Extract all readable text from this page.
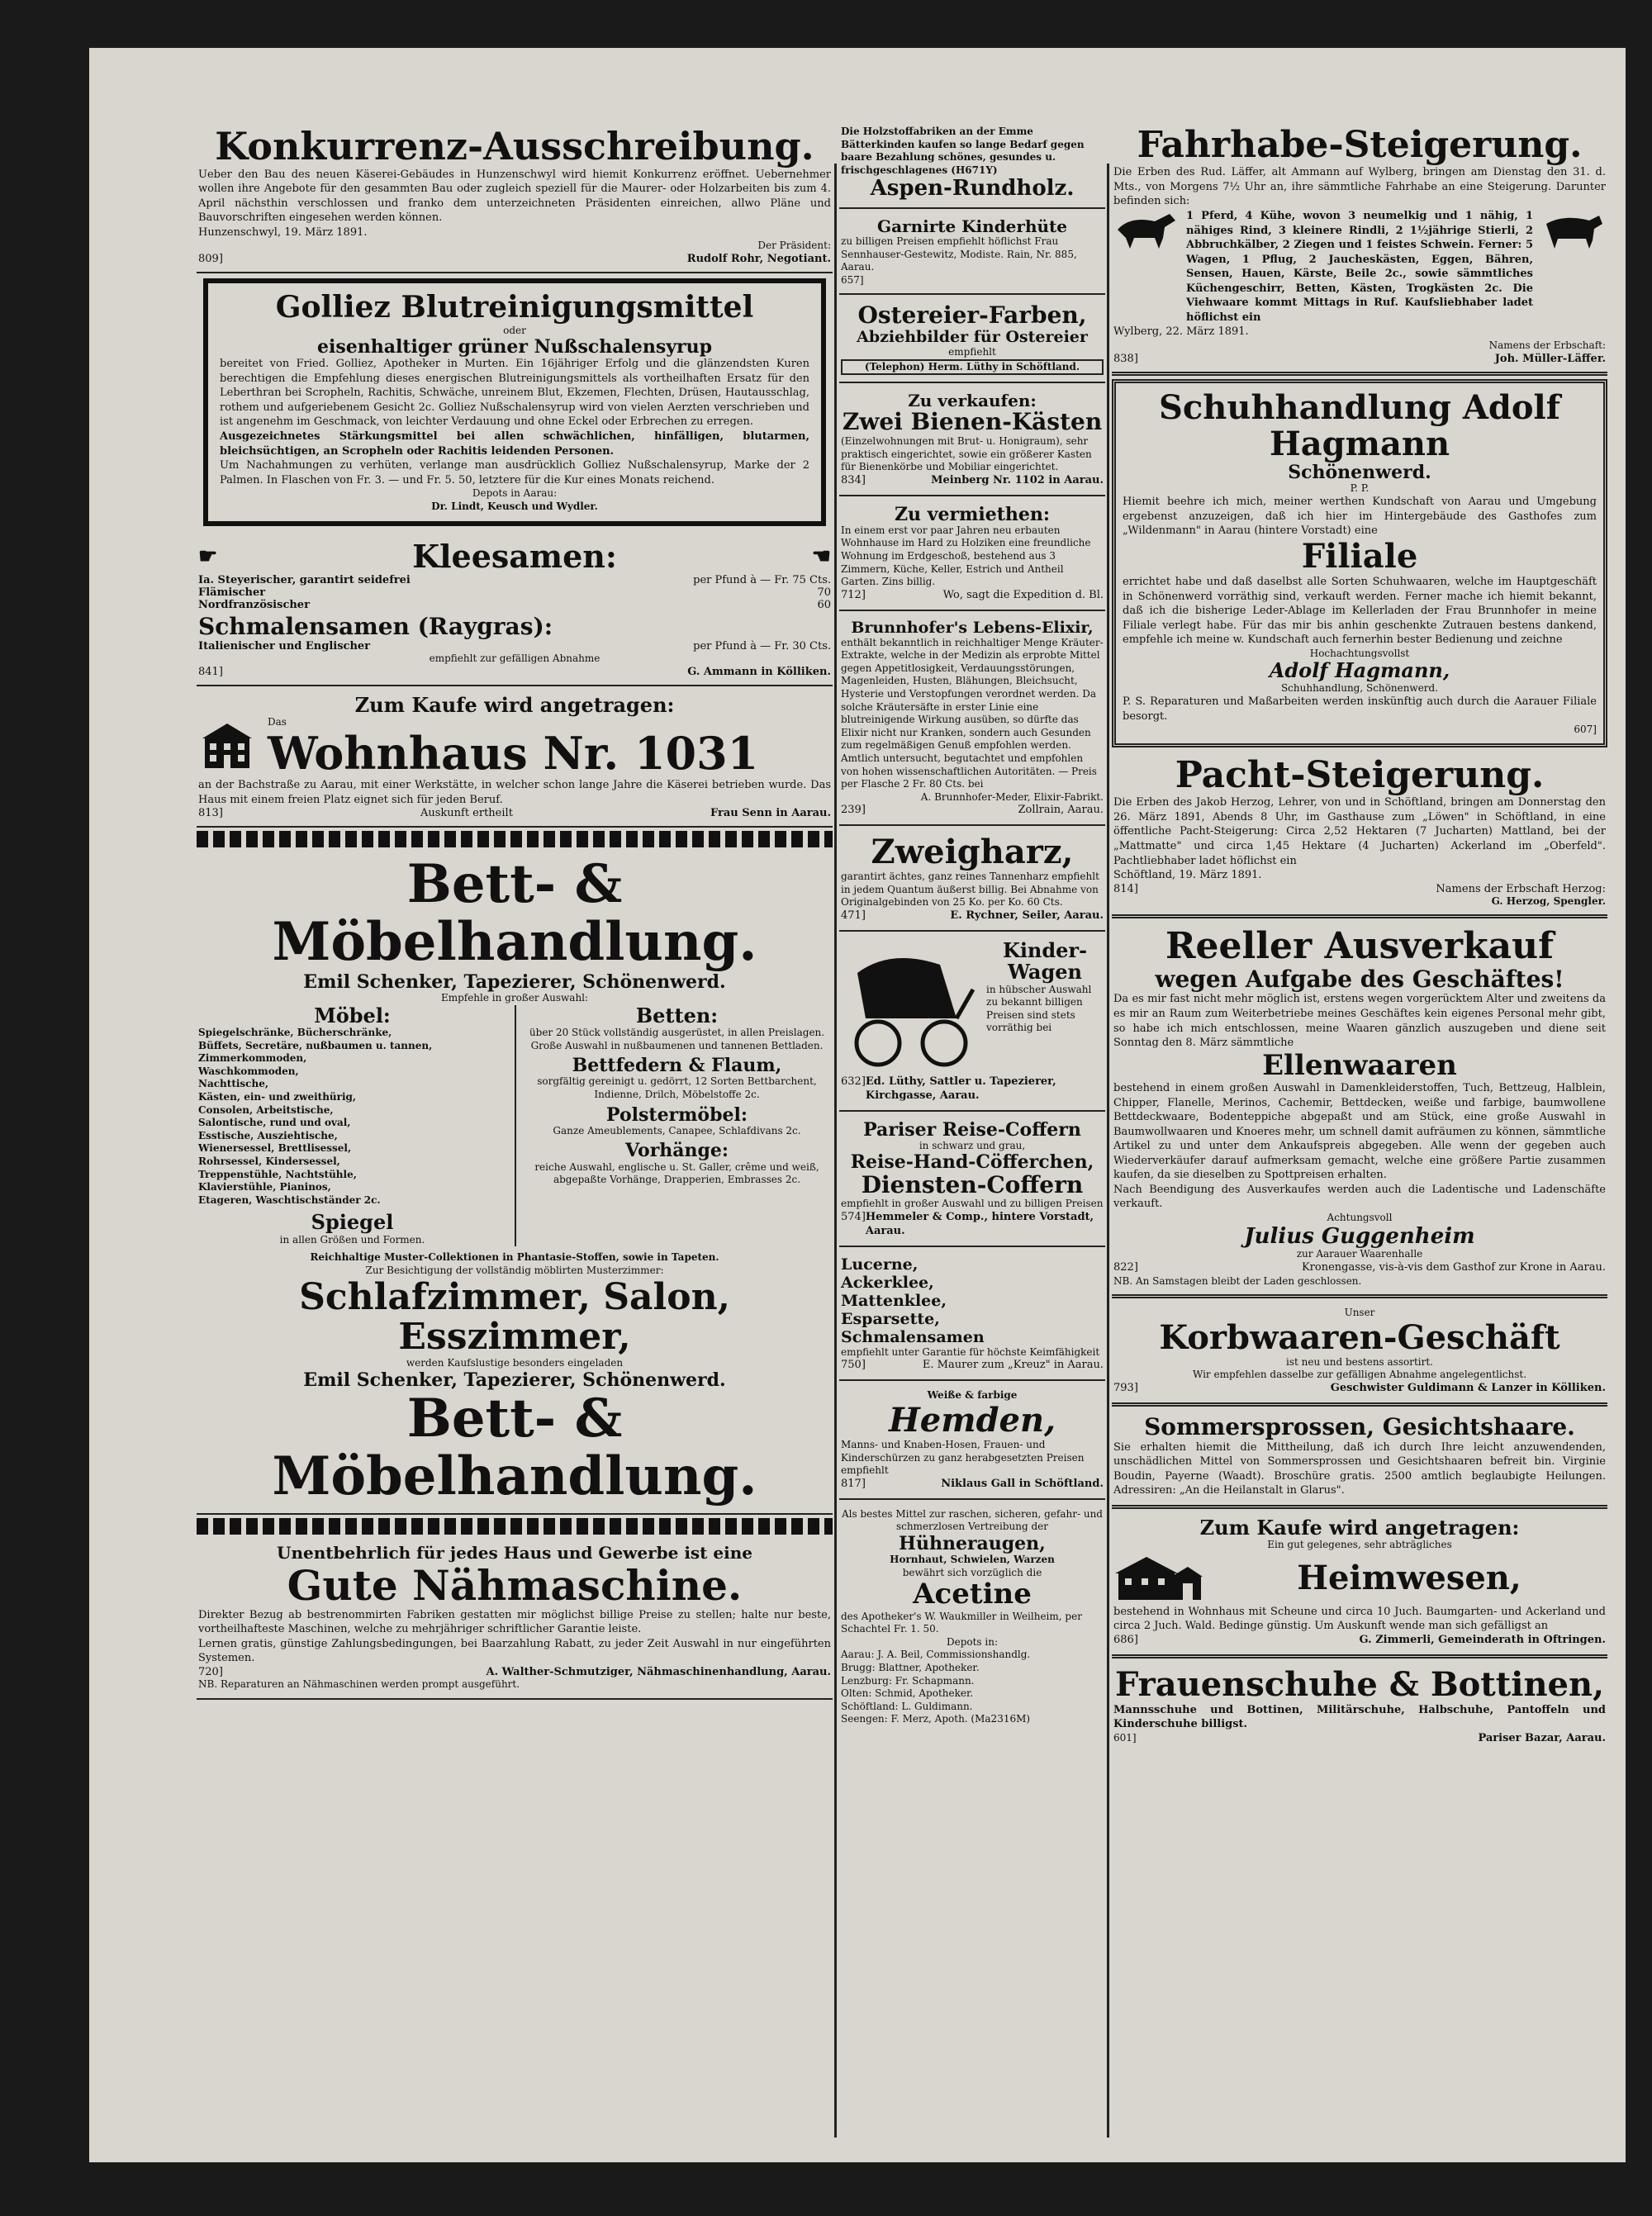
Konkurrenz-Ausschreibung.
Ueber den Bau des neuen Käserei-Gebäudes in Hunzenschwyl wird hiemit Konkurrenz eröffnet. Uebernehmer wollen ihre Angebote für den gesammten Bau oder zugleich speziell für die Maurer- oder Holzarbeiten bis zum 4. April nächsthin verschlossen und franko dem unterzeichneten Präsidenten einreichen, allwo Pläne und Bauvorschriften eingesehen werden können.
Hunzenschwyl, 19. März 1891.
Der Präsident:
809]	Rudolf Rohr, Negotiant.
Golliez Blutreinigungsmittel
oder
eisenhaltiger grüner Nußschalensyrup
bereitet von Fried. Golliez, Apotheker in Murten. Ein 16jähriger Erfolg und die glänzendsten Kuren berechtigen die Empfehlung dieses energischen Blutreinigungsmittels als vortheilhaften Ersatz für den Leberthran bei Scropheln, Rachitis, Schwäche, unreinem Blut, Ekzemen, Flechten, Drüsen, Hautausschlag, rothem und aufgeriebenem Gesicht 2c. Golliez Nußschalensyrup wird von vielen Aerzten verschrieben und ist angenehm im Geschmack, von leichter Verdauung und ohne Eckel oder Erbrechen zu erregen.
Ausgezeichnetes Stärkungsmittel bei allen schwächlichen, hinfälligen, blutarmen, bleichsüchtigen, an Scropheln oder Rachitis leidenden Personen.
Um Nachahmungen zu verhüten, verlange man ausdrücklich Golliez Nußschalensyrup, Marke der 2 Palmen. In Flaschen von Fr. 3. — und Fr. 5. 50, letztere für die Kur eines Monats reichend.
Depots in Aarau:
Dr. Lindt, Keusch und Wydler.
☛	Kleesamen:	☚
Ia. Steyerischer, garantirt seidefrei	per Pfund à — Fr. 75 Cts.
Flämischer	70
Nordfranzösischer	60
Schmalensamen (Raygras):
Italienischer und Englischer	per Pfund à — Fr. 30 Cts.
empfiehlt zur gefälligen Abnahme
841]	G. Ammann in Kölliken.
Zum Kaufe wird angetragen:
Das
Wohnhaus Nr. 1031
an der Bachstraße zu Aarau, mit einer Werkstätte, in welcher schon lange Jahre die Käserei betrieben wurde. Das Haus mit einem freien Platz eignet sich für jeden Beruf.
813]	Auskunft ertheilt	Frau Senn in Aarau.
Bett- & Möbelhandlung.
Emil Schenker, Tapezierer, Schönenwerd.
Empfehle in großer Auswahl:
Möbel:
Spiegelschränke, Bücherschränke,
Büffets, Secretäre, nußbaumen u. tannen,
Zimmerkommoden,
Waschkommoden,
Nachttische,
Kästen, ein- und zweithürig,
Consolen, Arbeitstische,
Salontische, rund und oval,
Esstische, Ausziehtische,
Wienersessel, Brettlisessel,
Rohrsessel, Kindersessel,
Treppenstühle, Nachtstühle,
Klavierstühle, Pianinos,
Etageren, Waschtischständer 2c.
Spiegel
in allen Größen und Formen.
Betten:
über 20 Stück vollständig ausgerüstet, in allen Preislagen. Große Auswahl in nußbaumenen und tannenen Bettladen.
Bettfedern & Flaum,
sorgfältig gereinigt u. gedörrt, 12 Sorten Bettbarchent, Indienne, Drilch, Möbelstoffe 2c.
Polstermöbel:
Ganze Ameublements, Canapee, Schlafdivans 2c.
Vorhänge:
reiche Auswahl, englische u. St. Galler, crême und weiß, abgepaßte Vorhänge, Drapperien, Embrasses 2c.
Reichhaltige Muster-Collektionen in Phantasie-Stoffen, sowie in Tapeten.
Zur Besichtigung der vollständig möblirten Musterzimmer:
Schlafzimmer, Salon, Esszimmer,
werden Kaufslustige besonders eingeladen
Emil Schenker, Tapezierer, Schönenwerd.
Bett- & Möbelhandlung.
Unentbehrlich für jedes Haus und Gewerbe ist eine
Gute Nähmaschine.
Direkter Bezug ab bestrenommirten Fabriken gestatten mir möglichst billige Preise zu stellen; halte nur beste, vortheilhafteste Maschinen, welche zu mehrjähriger schriftlicher Garantie leiste.
Lernen gratis, günstige Zahlungsbedingungen, bei Baarzahlung Rabatt, zu jeder Zeit Auswahl in nur eingeführten Systemen.
720]	A. Walther-Schmutziger, Nähmaschinenhandlung, Aarau.
NB. Reparaturen an Nähmaschinen werden prompt ausgeführt.
Die Holzstoffabriken an der Emme Bätterkinden kaufen so lange Bedarf gegen baare Bezahlung schönes, gesundes u. frischgeschlagenes (H671Y)
Aspen-Rundholz.
Garnirte Kinderhüte
zu billigen Preisen empfiehlt höflichst Frau Sennhauser-Gestewitz, Modiste. Rain, Nr. 885, Aarau.
657]
Ostereier-Farben,
Abziehbilder für Ostereier
empfiehlt
(Telephon) Herm. Lüthy in Schöftland.
Zu verkaufen:
Zwei Bienen-Kästen
(Einzelwohnungen mit Brut- u. Honigraum), sehr praktisch eingerichtet, sowie ein größerer Kasten für Bienenkörbe und Mobiliar eingerichtet.
834]	Meinberg Nr. 1102 in Aarau.
Zu vermiethen:
In einem erst vor paar Jahren neu erbauten Wohnhause im Hard zu Holziken eine freundliche Wohnung im Erdgeschoß, bestehend aus 3 Zimmern, Küche, Keller, Estrich und Antheil Garten. Zins billig.
712]	Wo, sagt die Expedition d. Bl.
Brunnhofer's Lebens-Elixir,
enthält bekanntlich in reichhaltiger Menge Kräuter-Extrakte, welche in der Medizin als erprobte Mittel gegen Appetitlosigkeit, Verdauungsstörungen, Magenleiden, Husten, Blähungen, Bleichsucht, Hysterie und Verstopfungen verordnet werden. Da solche Kräutersäfte in erster Linie eine blutreinigende Wirkung ausüben, so dürfte das Elixir nicht nur Kranken, sondern auch Gesunden zum regelmäßigen Genuß empfohlen werden. Amtlich untersucht, begutachtet und empfohlen von hohen wissenschaftlichen Autoritäten. — Preis per Flasche 2 Fr. 80 Cts. bei
A. Brunnhofer-Meder, Elixir-Fabrikt.
239]	Zollrain, Aarau.
Zweigharz,
garantirt ächtes, ganz reines Tannenharz empfiehlt in jedem Quantum äußerst billig. Bei Abnahme von Originalgebinden von 25 Ko. per Ko. 60 Cts.
471]	E. Rychner, Seiler, Aarau.
Kinder-Wagen
in hübscher Auswahl zu bekannt billigen Preisen sind stets vorräthig bei
632] Ed. Lüthy, Sattler u. Tapezierer, Kirchgasse, Aarau.
Pariser Reise-Coffern
in schwarz und grau,
Reise-Hand-Cöfferchen,
Diensten-Coffern
empfiehlt in großer Auswahl und zu billigen Preisen
574] Hemmeler & Comp., hintere Vorstadt, Aarau.
Lucerne,
Ackerklee,
Mattenklee,
Esparsette,
Schmalensamen
empfiehlt unter Garantie für höchste Keimfähigkeit
750]	E. Maurer zum „Kreuz" in Aarau.
Weiße & farbige
Hemden,
Manns- und Knaben-Hosen, Frauen- und Kinderschürzen zu ganz herabgesetzten Preisen empfiehlt
817]	Niklaus Gall in Schöftland.
Als bestes Mittel zur raschen, sicheren, gefahr- und schmerzlosen Vertreibung der
Hühneraugen,
Hornhaut, Schwielen, Warzen
bewährt sich vorzüglich die
Acetine
des Apotheker's W. Waukmiller in Weilheim, per Schachtel Fr. 1. 50.
Depots in:
Aarau: J. A. Beil, Commissionshandlg.
Brugg: Blattner, Apotheker.
Lenzburg: Fr. Schapmann.
Olten: Schmid, Apotheker.
Schöftland: L. Guldimann.
Seengen: F. Merz, Apoth. (Ma2316M)
Fahrhabe-Steigerung.
Die Erben des Rud. Läffer, alt Ammann auf Wylberg, bringen am Dienstag den 31. d. Mts., von Morgens 7½ Uhr an, ihre sämmtliche Fahrhabe an eine Steigerung. Darunter befinden sich:
1 Pferd, 4 Kühe, wovon 3 neumelkig und 1 nähig, 1 nähiges Rind, 3 kleinere Rindli, 2 1½jährige Stierli, 2 Abbruchkälber, 2 Ziegen und 1 feistes Schwein. Ferner: 5 Wagen, 1 Pflug, 2 Jaucheskästen, Eggen, Bähren, Sensen, Hauen, Kärste, Beile 2c., sowie sämmtliches Küchengeschirr, Betten, Kästen, Trogkästen 2c. Die Viehwaare kommt Mittags in Ruf. Kaufsliebhaber ladet höflichst ein
Wylberg, 22. März 1891.
Namens der Erbschaft:
838]	Joh. Müller-Läffer.
Schuhhandlung Adolf Hagmann
Schönenwerd.
P. P.
Hiemit beehre ich mich, meiner werthen Kundschaft von Aarau und Umgebung ergebenst anzuzeigen, daß ich hier im Hintergebäude des Gasthofes zum „Wildenmann" in Aarau (hintere Vorstadt) eine
Filiale
errichtet habe und daß daselbst alle Sorten Schuhwaaren, welche im Hauptgeschäft in Schönenwerd vorräthig sind, verkauft werden. Ferner mache ich hiemit bekannt, daß ich die bisherige Leder-Ablage im Kellerladen der Frau Brunnhofer in meine Filiale verlegt habe. Für das mir bis anhin geschenkte Zutrauen bestens dankend, empfehle ich meine w. Kundschaft auch fernerhin bester Bedienung und zeichne
Hochachtungsvollst
Adolf Hagmann,
Schuhhandlung, Schönenwerd.
P. S. Reparaturen und Maßarbeiten werden inskünftig auch durch die Aarauer Filiale besorgt.
607]
Pacht-Steigerung.
Die Erben des Jakob Herzog, Lehrer, von und in Schöftland, bringen am Donnerstag den 26. März 1891, Abends 8 Uhr, im Gasthause zum „Löwen" in Schöftland, in eine öffentliche Pacht-Steigerung: Circa 2,52 Hektaren (7 Jucharten) Mattland, bei der „Mattmatte" und circa 1,45 Hektare (4 Jucharten) Ackerland im „Oberfeld". Pachtliebhaber ladet höflichst ein
Schöftland, 19. März 1891.
814]	Namens der Erbschaft Herzog:
G. Herzog, Spengler.
Reeller Ausverkauf
wegen Aufgabe des Geschäftes!
Da es mir fast nicht mehr möglich ist, erstens wegen vorgerücktem Alter und zweitens da es mir an Raum zum Weiterbetriebe meines Geschäftes kein eigenes Personal mehr gibt, so habe ich mich entschlossen, meine Waaren gänzlich auszugeben und diene seit Sonntag den 8. März sämmtliche
Ellenwaaren
bestehend in einem großen Auswahl in Damenkleiderstoffen, Tuch, Bettzeug, Halblein, Chipper, Flanelle, Merinos, Cachemir, Bettdecken, weiße und farbige, baumwollene Bettdeckwaare, Bodenteppiche abgepaßt und am Stück, eine große Auswahl in Baumwollwaaren und Knoeres mehr, um schnell damit aufräumen zu können, sämmtliche Artikel zu und unter dem Ankaufspreis abgegeben. Alle wenn der gegeben auch Wiederverkäufer darauf aufmerksam gemacht, welche eine größere Partie zusammen kaufen, da sie dieselben zu Spottpreisen erhalten.
Nach Beendigung des Ausverkaufes werden auch die Ladentische und Ladenschäfte verkauft.
Achtungsvoll
Julius Guggenheim
zur Aarauer Waarenhalle
822]	Kronengasse, vis-à-vis dem Gasthof zur Krone in Aarau.
NB. An Samstagen bleibt der Laden geschlossen.
Unser
Korbwaaren-Geschäft
ist neu und bestens assortirt.
Wir empfehlen dasselbe zur gefälligen Abnahme angelegentlichst.
793]	Geschwister Guldimann & Lanzer in Kölliken.
Sommersprossen, Gesichtshaare.
Sie erhalten hiemit die Mittheilung, daß ich durch Ihre leicht anzuwendenden, unschädlichen Mittel von Sommersprossen und Gesichtshaaren befreit bin. Virginie Boudin, Payerne (Waadt). Broschüre gratis. 2500 amtlich beglaubigte Heilungen. Adressiren: „An die Heilanstalt in Glarus".
Zum Kaufe wird angetragen:
Ein gut gelegenes, sehr abträgliches
Heimwesen,
bestehend in Wohnhaus mit Scheune und circa 10 Juch. Baumgarten- und Ackerland und circa 2 Juch. Wald. Bedinge günstig. Um Auskunft wende man sich gefälligst an
686]	G. Zimmerli, Gemeinderath in Oftringen.
Frauenschuhe & Bottinen,
Mannsschuhe und Bottinen, Militärschuhe, Halbschuhe, Pantoffeln und Kinderschuhe billigst.
601]	Pariser Bazar, Aarau.
